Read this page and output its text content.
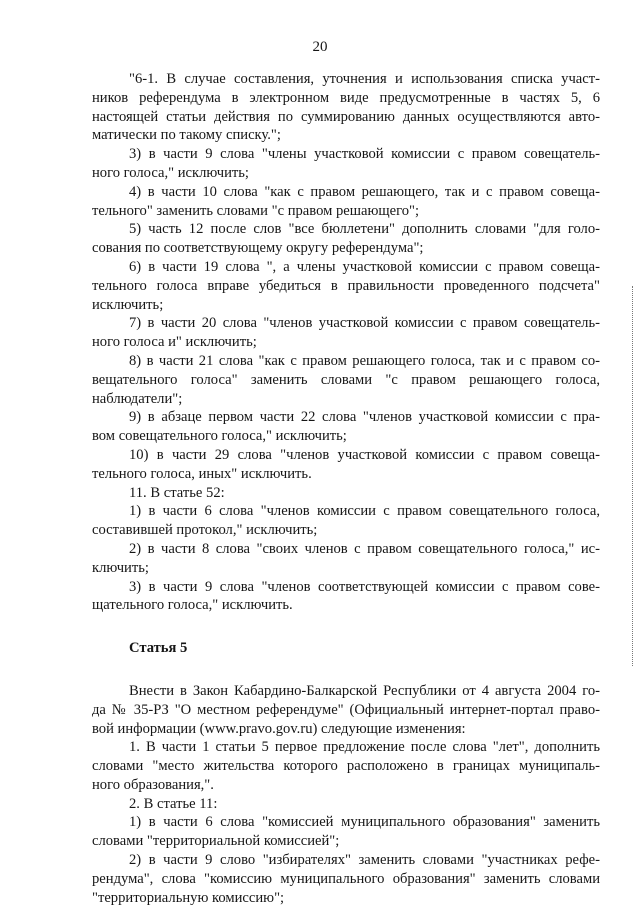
20
"6-1. В случае составления, уточнения и использования списка участ-
ников референдума в электронном виде предусмотренные в частях 5, 6
настоящей статьи действия по суммированию данных осуществляются авто-
матически по такому списку.";
3) в части 9 слова "члены участковой комиссии с правом совещатель-
ного голоса," исключить;
4) в части 10 слова "как с правом решающего, так и с правом совеща-
тельного" заменить словами "с правом решающего";
5) часть 12 после слов "все бюллетени" дополнить словами "для голо-
сования по соответствующему округу референдума";
6) в части 19 слова ", а члены участковой комиссии с правом совеща-
тельного голоса вправе убедиться в правильности проведенного подсчета"
исключить;
7) в части 20 слова "членов участковой комиссии с правом совещатель-
ного голоса и" исключить;
8) в части 21 слова "как с правом решающего голоса, так и с правом со-
вещательного голоса" заменить словами "с правом решающего голоса,
наблюдатели";
9) в абзаце первом части 22 слова "членов участковой комиссии с пра-
вом совещательного голоса," исключить;
10) в части 29 слова "членов участковой комиссии с правом совеща-
тельного голоса, иных" исключить.
11. В статье 52:
1) в части 6 слова "членов комиссии с правом совещательного голоса,
составившей протокол," исключить;
2) в части 8 слова "своих членов с правом совещательного голоса," ис-
ключить;
3) в части 9 слова "членов соответствующей комиссии с правом сове-
щательного голоса," исключить.
Статья 5
Внести в Закон Кабардино-Балкарской Республики от 4 августа 2004 го-
да № 35-РЗ "О местном референдуме" (Официальный интернет-портал право-
вой информации (www.pravo.gov.ru) следующие изменения:
1. В части 1 статьи 5 первое предложение после слова "лет", дополнить
словами "место жительства которого расположено в границах муниципаль-
ного образования,".
2. В статье 11:
1) в части 6 слова "комиссией муниципального образования" заменить
словами "территориальной комиссией";
2) в части 9 слово "избирателях" заменить словами "участниках рефе-
рендума", слова "комиссию муниципального образования" заменить словами
"территориальную комиссию";
